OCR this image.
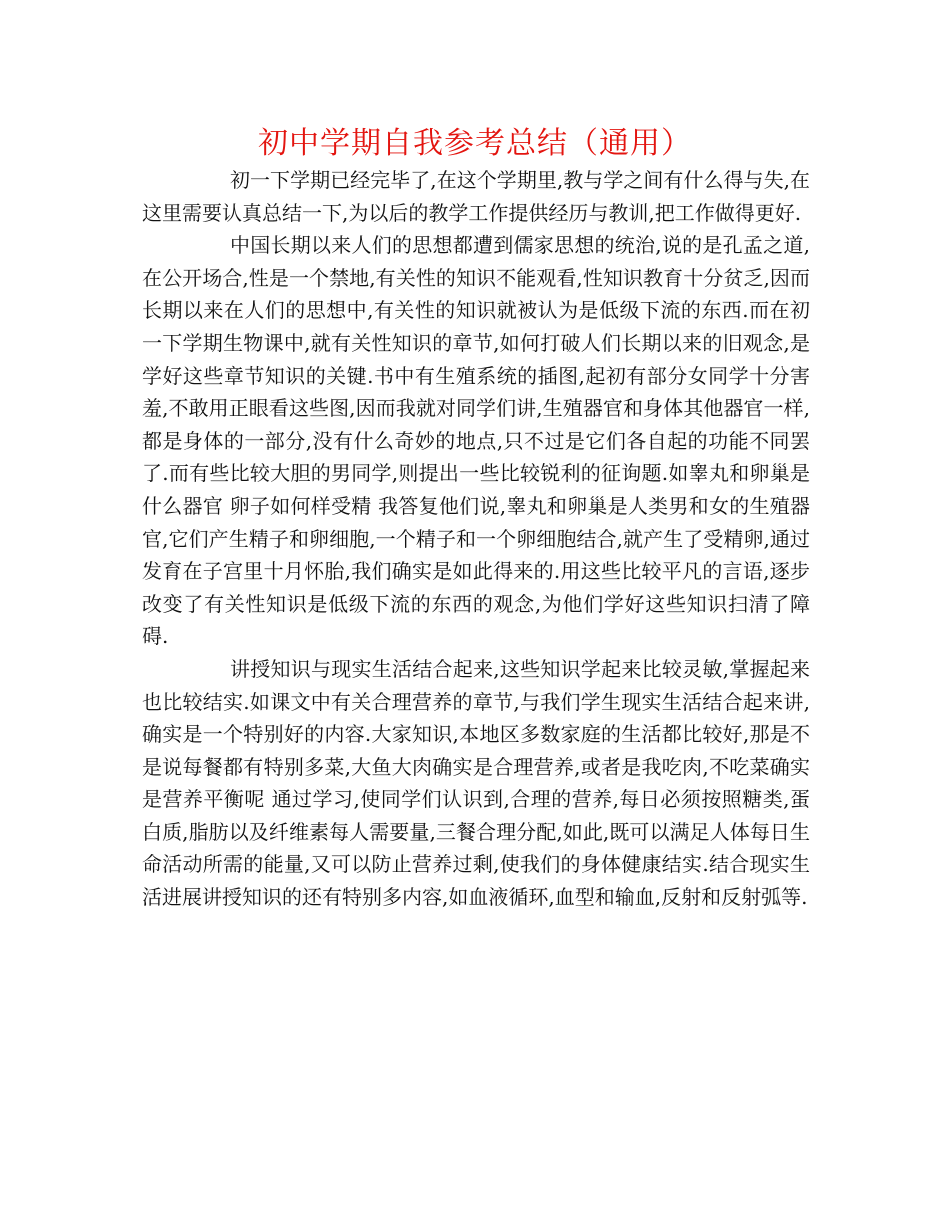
初中学期自我参考总结（通用）

初一下学期已经完毕了,在这个学期里,教与学之间有什么得与失,在这里需要认真总结一下,为以后的教学工作提供经历与教训,把工作做得更好.

中国长期以来人们的思想都遭到儒家思想的统治,说的是孔孟之道,在公开场合,性是一个禁地,有关性的知识不能观看,性知识教育十分贫乏,因而长期以来在人们的思想中,有关性的知识就被认为是低级下流的东西.而在初一下学期生物课中,就有关性知识的章节,如何打破人们长期以来的旧观念,是学好这些章节知识的关键.书中有生殖系统的插图,起初有部分女同学十分害羞,不敢用正眼看这些图,因而我就对同学们讲,生殖器官和身体其他器官一样,都是身体的一部分,没有什么奇妙的地点,只不过是它们各自起的功能不同罢了.而有些比较大胆的男同学,则提出一些比较锐利的征询题.如睾丸和卵巢是什么器官 卵子如何样受精 我答复他们说,睾丸和卵巢是人类男和女的生殖器官,它们产生精子和卵细胞,一个精子和一个卵细胞结合,就产生了受精卵,通过发育在子宫里十月怀胎,我们确实是如此得来的.用这些比较平凡的言语,逐步改变了有关性知识是低级下流的东西的观念,为他们学好这些知识扫清了障碍.

讲授知识与现实生活结合起来,这些知识学起来比较灵敏,掌握起来也比较结实.如课文中有关合理营养的章节,与我们学生现实生活结合起来讲,确实是一个特别好的内容.大家知识,本地区多数家庭的生活都比较好,那是不是说每餐都有特别多菜,大鱼大肉确实是合理营养,或者是我吃肉,不吃菜确实是营养平衡呢 通过学习,使同学们认识到,合理的营养,每日必须按照糖类,蛋白质,脂肪以及纤维素每人需要量,三餐合理分配,如此,既可以满足人体每日生命活动所需的能量,又可以防止营养过剩,使我们的身体健康结实.结合现实生活进展讲授知识的还有特别多内容,如血液循环,血型和输血,反射和反射弧等.
